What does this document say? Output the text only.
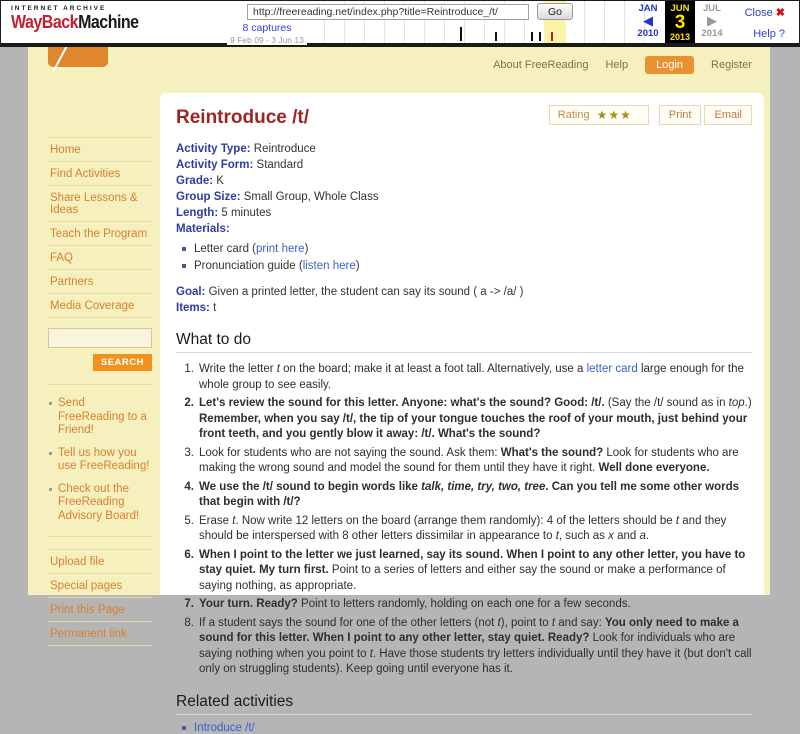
INTERNET ARCHIVE
WayBackMachine
http://freereading.net/index.php?title=Reintroduce_/t/
Go
8 captures
9 Feb 09 - 3 Jun 13
JAN
◀
2010
JUN
3
2013
JUL
▶
2014
Close ✖
Help ?
About FreeReading Help	Login	Register
Home
Find Activities
Share Lessons & Ideas
Teach the Program
FAQ
Partners
Media Coverage
SEARCH
Send FreeReading to a Friend!
Tell us how you use FreeReading!
Check out the FreeReading Advisory Board!
Upload file
Special pages
Print this Page
Permanent link
Rating ★★★	Print	Email
Reintroduce /t/
Activity Type: Reintroduce
Activity Form: Standard
Grade: K
Group Size: Small Group, Whole Class
Length: 5 minutes
Materials:
Letter card (print here)
Pronunciation guide (listen here)
Goal: Given a printed letter, the student can say its sound ( a -> /a/ )
Items: t
What to do
1. Write the letter t on the board; make it at least a foot tall. Alternatively, use a letter card large enough for the whole group to see easily.
2. Let's review the sound for this letter. Anyone: what's the sound? Good: /t/. (Say the /t/ sound as in top.) Remember, when you say /t/, the tip of your tongue touches the roof of your mouth, just behind your front teeth, and you gently blow it away: /t/. What's the sound?
3. Look for students who are not saying the sound. Ask them: What's the sound? Look for students who are making the wrong sound and model the sound for them until they have it right. Well done everyone.
4. We use the /t/ sound to begin words like talk, time, try, two, tree. Can you tell me some other words that begin with /t/?
5. Erase t. Now write 12 letters on the board (arrange them randomly): 4 of the letters should be t and they should be interspersed with 8 other letters dissimilar in appearance to t, such as x and a.
6. When I point to the letter we just learned, say its sound. When I point to any other letter, you have to stay quiet. My turn first. Point to a series of letters and either say the sound or make a performance of saying nothing, as appropriate.
7. Your turn. Ready? Point to letters randomly, holding on each one for a few seconds.
8. If a student says the sound for one of the other letters (not t), point to t and say: You only need to make a sound for this letter. When I point to any other letter, stay quiet. Ready? Look for individuals who are saying nothing when you point to t. Have those students try letters individually until they have it (but don't call only on struggling students). Keep going until everyone has it.
Related activities
Introduce /t/
